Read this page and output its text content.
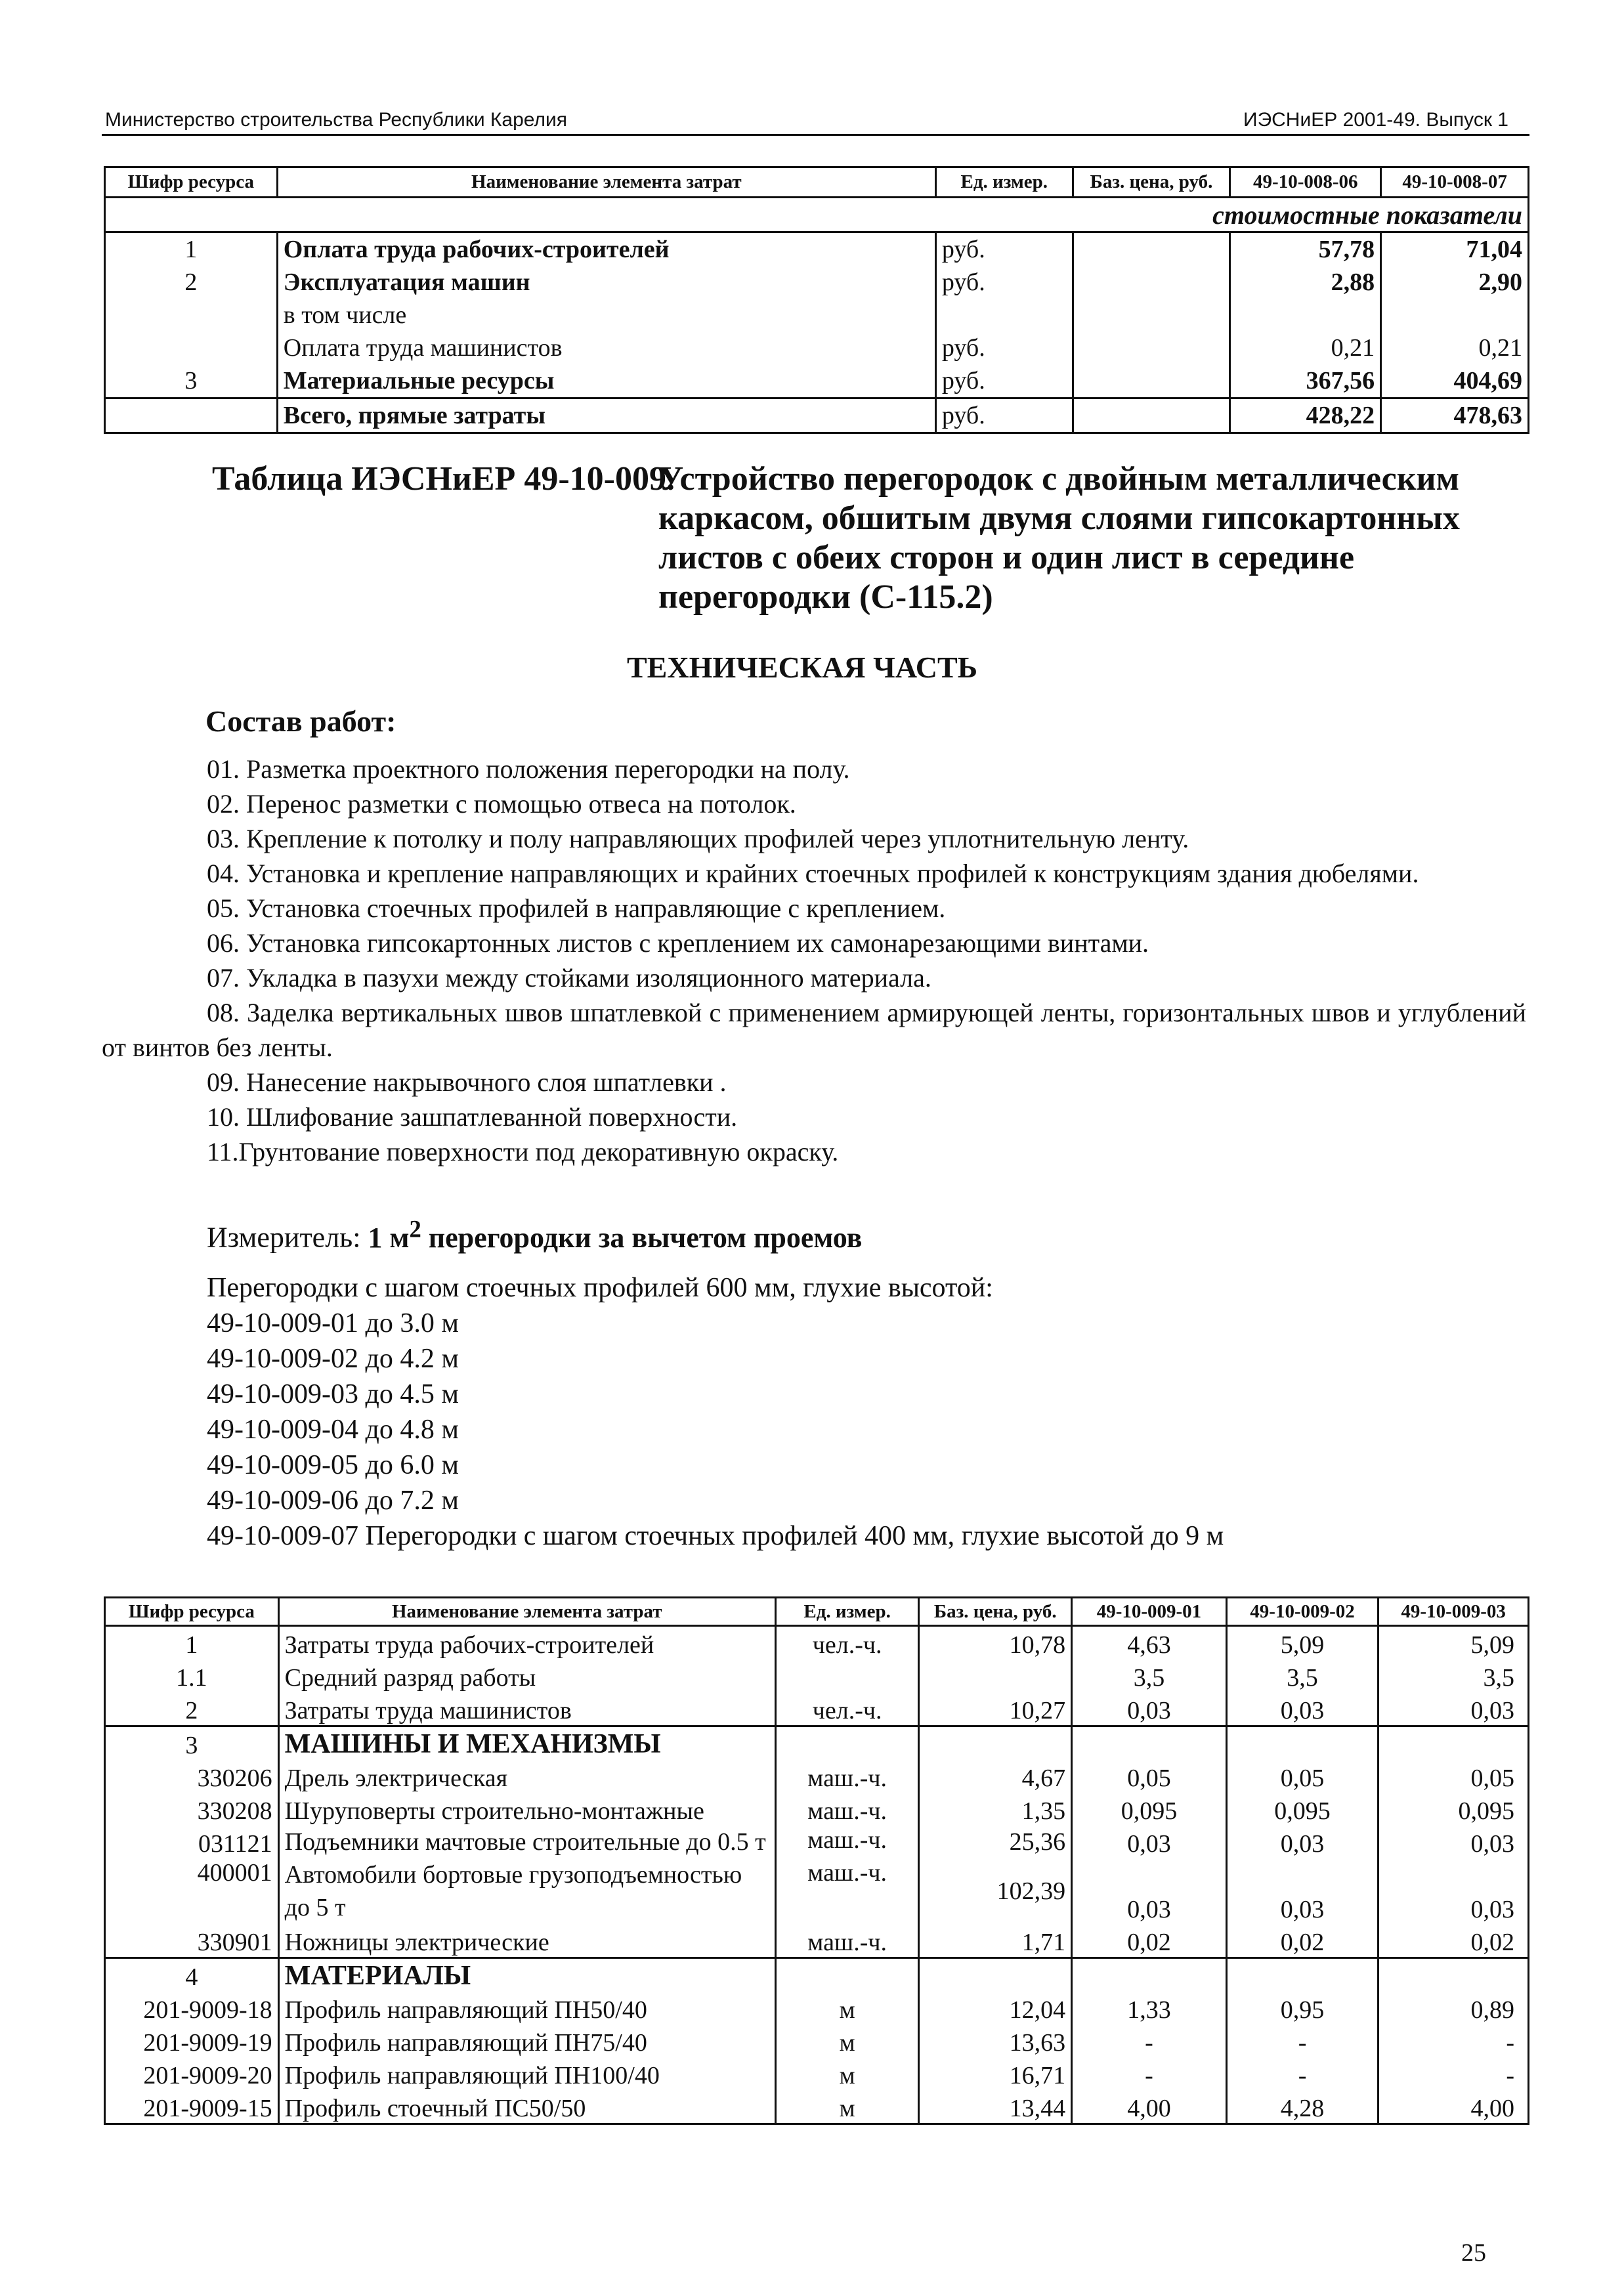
Министерство строительства Республики Карелия	ИЭСНиЕР 2001-49. Выпуск 1
Шифр ресурса	Наименование элемента затрат	Ед. измер.	Баз. цена, руб.	49-10-008-06	49-10-008-07
стоимостные показатели					
1	Оплата труда рабочих-строителей	руб.		57,78	71,04
2	Эксплуатация машин	руб.		2,88	2,90
	в том числе				
	Оплата труда машинистов	руб.		0,21	0,21
3	Материальные ресурсы	руб.		367,56	404,69
	Всего, прямые затраты	руб.		428,22	478,63
Таблица ИЭСНиЕР 49-10-009.
Устройство перегородок с двойным металлическим каркасом, обшитым двумя слоями гипсокартонных листов с обеих сторон и один лист в середине перегородки (С-115.2)
ТЕХНИЧЕСКАЯ ЧАСТЬ
Состав работ:

01. Разметка проектного положения перегородки на полу.

02. Перенос разметки с помощью отвеса на потолок.

03. Крепление к потолку и полу направляющих профилей через уплотнительную ленту.

04. Установка и крепление направляющих и крайних стоечных профилей к конструкциям здания дюбелями.

05. Установка стоечных профилей в направляющие с креплением.

06. Установка гипсокартонных листов с креплением их самонарезающими винтами.

07. Укладка в пазухи между стойками изоляционного материала.

08. Заделка вертикальных швов шпатлевкой с применением армирующей ленты, горизонтальных швов и углублений от винтов без ленты.

09. Нанесение накрывочного слоя шпатлевки .

10. Шлифование зашпатлеванной поверхности.

11.Грунтование поверхности под декоративную окраску.

Измеритель: 1 $м^2$ перегородки за вычетом проемов
Перегородки с шагом стоечных профилей 600 мм, глухие высотой:
49-10-009-01 до 3.0 м
49-10-009-02 до 4.2 м
49-10-009-03 до 4.5 м
49-10-009-04 до 4.8 м
49-10-009-05 до 6.0 м
49-10-009-06 до 7.2 м
49-10-009-07 Перегородки с шагом стоечных профилей 400 мм, глухие высотой до 9 м
Шифр ресурса	Наименование элемента затрат	Ед. измер.	Баз. цена, руб.	49-10-009-01	49-10-009-02	49-10-009-03
1	Затраты труда рабочих-строителей	чел.-ч.	10,78	4,63	5,09	5,09
1.1	Средний разряд работы			3,5	3,5	3,5
2	Затраты труда машинистов	чел.-ч.	10,27	0,03	0,03	0,03
3	МАШИНЫ И МЕХАНИЗМЫ					
330206	Дрель электрическая	маш.-ч.	4,67	0,05	0,05	0,05
330208	Шуруповерты строительно-монтажные	маш.-ч.	1,35	0,095	0,095	0,095
031121	Подъемники мачтовые строительные до 0.5 т	маш.-ч.	25,36	0,03	0,03	0,03
400001	Автомобили бортовые грузоподъемностью до 5 т	маш.-ч.	102,39	0,03	0,03	0,03
330901	Ножницы электрические	маш.-ч.	1,71	0,02	0,02	0,02
4	МАТЕРИАЛЫ					
201-9009-18	Профиль направляющий ПН50/40	м	12,04	1,33	0,95	0,89
201-9009-19	Профиль направляющий ПН75/40	м	13,63	-	-	-
201-9009-20	Профиль направляющий ПН100/40	м	16,71	-	-	-
201-9009-15	Профиль стоечный ПС50/50	м	13,44	4,00	4,28	4,00
25
